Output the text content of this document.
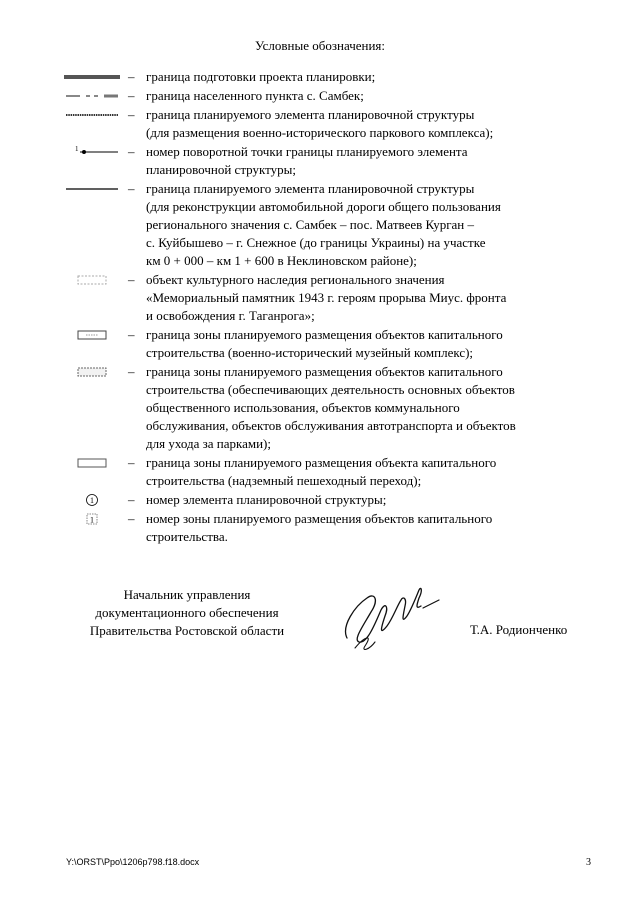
Условные обозначения:
– граница подготовки проекта планировки;

– граница населенного пункта с. Самбек;

– граница планируемого элемента планировочной структуры

(для размещения военно-исторического паркового комплекса);

1	– номер поворотной точки границы планируемого элемента

планировочной структуры;

– граница планируемого элемента планировочной структуры

(для реконструкции автомобильной дороги общего пользования

регионального значения с. Самбек – пос. Матвеев Курган –

с. Куйбышево – г. Снежное (до границы Украины) на участке

км 0 + 000 – км 1 + 600 в Неклиновском районе);

– объект культурного наследия регионального значения

«Мемориальный памятник 1943 г. героям прорыва Миус. фронта

и освобождения г. Таганрога»;

– граница зоны планируемого размещения объектов капитального

строительства (военно-исторический музейный комплекс);

– граница зоны планируемого размещения объектов капитального

строительства (обеспечивающих деятельность основных объектов

общественного использования, объектов коммунального

обслуживания, объектов обслуживания автотранспорта и объектов

для ухода за парками);

– граница зоны планируемого размещения объекта капитального

строительства (надземный пешеходный переход);

1	– номер элемента планировочной структуры;

1	– номер зоны планируемого размещения объектов капитального

строительства.

Начальник управления

документационного обеспечения

Правительства Ростовской области	Т.А. Родионченко
Y:\ORST\Ppo\1206p798.f18.docx	3
